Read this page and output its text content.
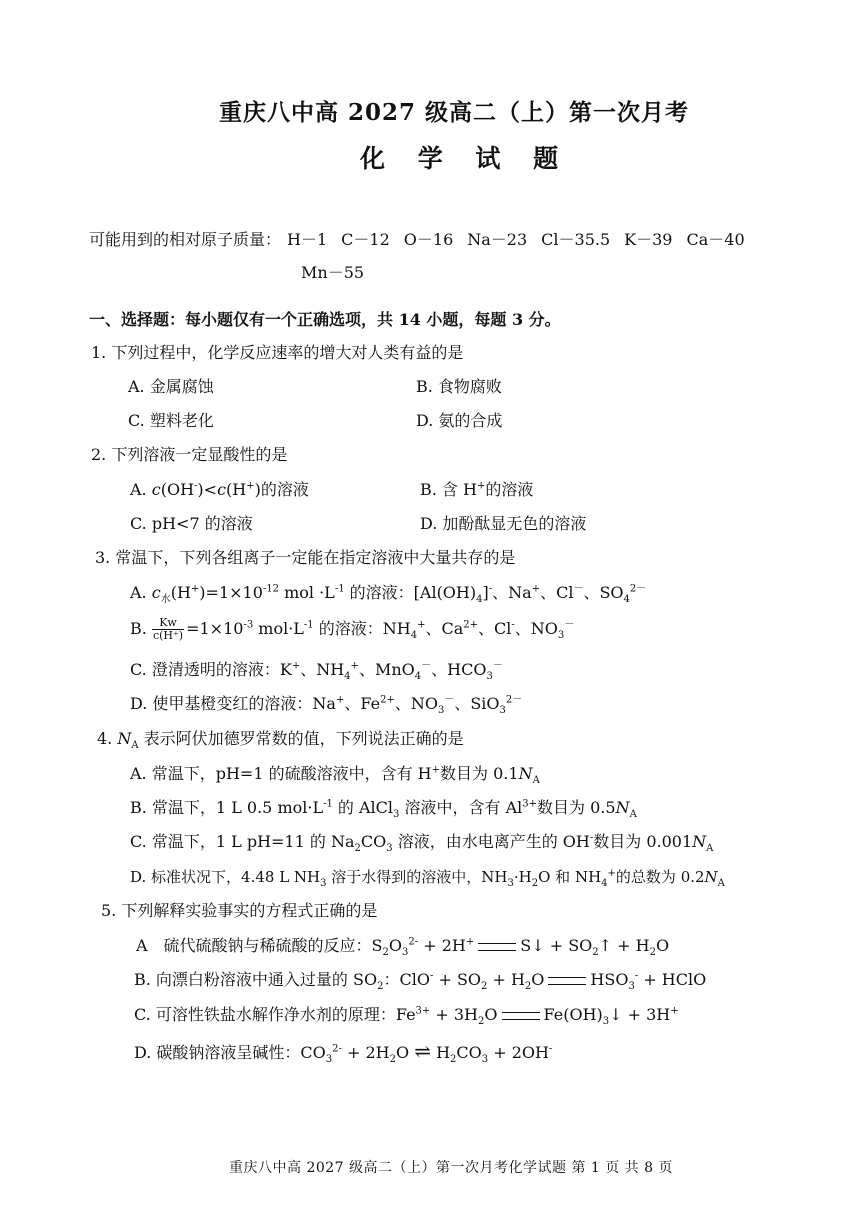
重庆八中高 2027 级高二（上）第一次月考
化 学 试 题
可能用到的相对原子质量： H－1 C－12 O－16 Na－23 Cl－35.5 K－39 Ca－40
Mn－55
一、选择题：每小题仅有一个正确选项，共 14 小题，每题 3 分。
1. 下列过程中，化学反应速率的增大对人类有益的是
A. 金属腐蚀	B. 食物腐败
C. 塑料老化	D. 氨的合成
2. 下列溶液一定显酸性的是
A. c(OH-)<c(H+)的溶液	B. 含 H+的溶液
C. pH<7 的溶液	D. 加酚酞显无色的溶液
3. 常温下，下列各组离子一定能在指定溶液中大量共存的是
A. $c_水(H^+)=1\times 10^{-12}$ mol $\cdot L^{-1}$ 的溶液：$[Al(OH)_4]^-$、Na+、Cl－、$SO_4^{2-}$
B. $\frac{Kw}{c(H^+)} =1\times 10^{-3}$ $mol\cdot L^{-1}$ 的溶液：$NH_4^+$、$Ca^{2+}$、Cl-、$NO_3^-$
C. 澄清透明的溶液：K+、$NH_4^+$、MnO$_4$－、$HCO_3^-$
D. 使甲基橙变红的溶液：Na+、$Fe^{2+}$、$NO_3^-$、SiO$_3^{2-}$
4. $N_A$ 表示阿伏加德罗常数的值，下列说法正确的是
A. 常温下，pH=1 的硫酸溶液中，含有 H+数目为 $0.1N_A$
B. 常温下，1 L 0.5 $mol\cdot L^{-1}$ 的 AlCl$_3$ 溶液中，含有 $Al^{3+}$数目为 $0.5N_A$
C. 常温下，1 L pH=11 的 $Na_2CO_3$ 溶液，由水电离产生的 OH-数目为 $0.001N_A$
D. 标准状况下，4.48 L $NH_3$ 溶于水得到的溶液中，$NH_3\cdot H_2O$ 和 $NH_4^+$的总数为 $0.2N_A$
5. 下列解释实验事实的方程式正确的是
A　硫代硫酸钠与稀硫酸的反应：$S_2O_3^{2-} + 2H^+$	S↓ + $SO_2↑ + H_2O$
B. 向漂白粉溶液中通入过量的 $SO_2$：$ClO^- + SO_2 + H_2O$	$HSO_3^-$ + HClO
C. 可溶性铁盐水解作净水剂的原理：$Fe^{3+} + 3H_2O$	$Fe(OH)_3↓ + 3H^+$
D. 碳酸钠溶液呈碱性：$CO_3^{2-} + 2H_2O$ ⇌ $H_2CO_3 + 2OH^-$
重庆八中高 2027 级高二（上）第一次月考化学试题 第 1 页 共 8 页
